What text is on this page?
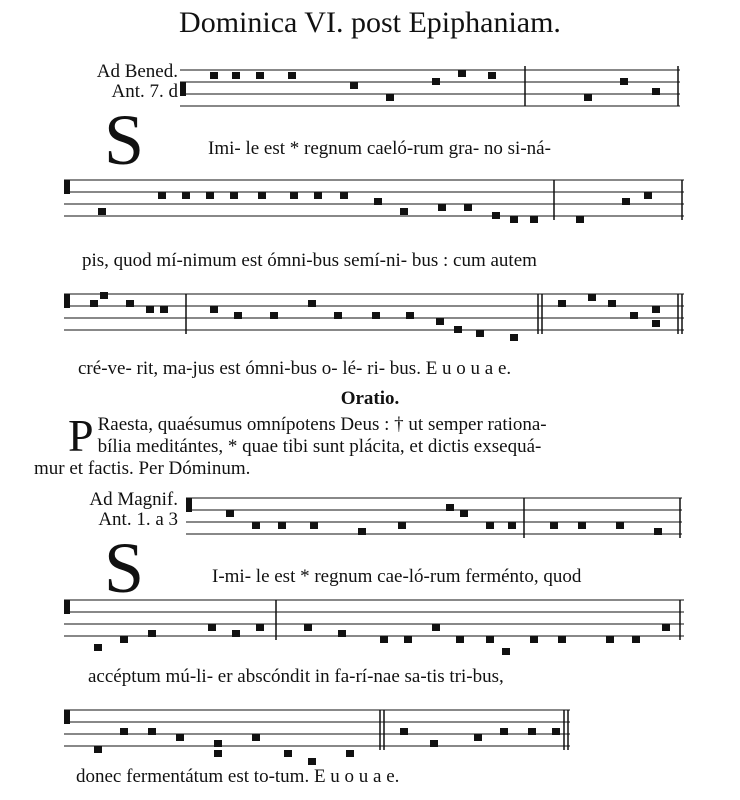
Dominica VI. post Epiphaniam.
Ad Bened.
Ant. 7. d
S	Imi- le est * regnum caeló-rum gra- no si-ná-
pis, quod mí-nimum est ómni-bus semí-ni- bus : cum autem
cré-ve- rit, ma-jus est ómni-bus o- lé- ri- bus. E u o u a e.
Oratio.
P Raesta, quaésumus omnípotens Deus : † ut semper rationa-
bília meditántes, * quae tibi sunt plácita, et dictis exsequá-
mur et factis. Per Dóminum.
Ad Magnif.
Ant. 1. a 3
S	I-mi- le est * regnum cae-ló-rum ferménto, quod
accéptum mú-li- er abscóndit in fa-rí-nae sa-tis tri-bus,
donec fermentátum est to-tum. E u o u a e.
